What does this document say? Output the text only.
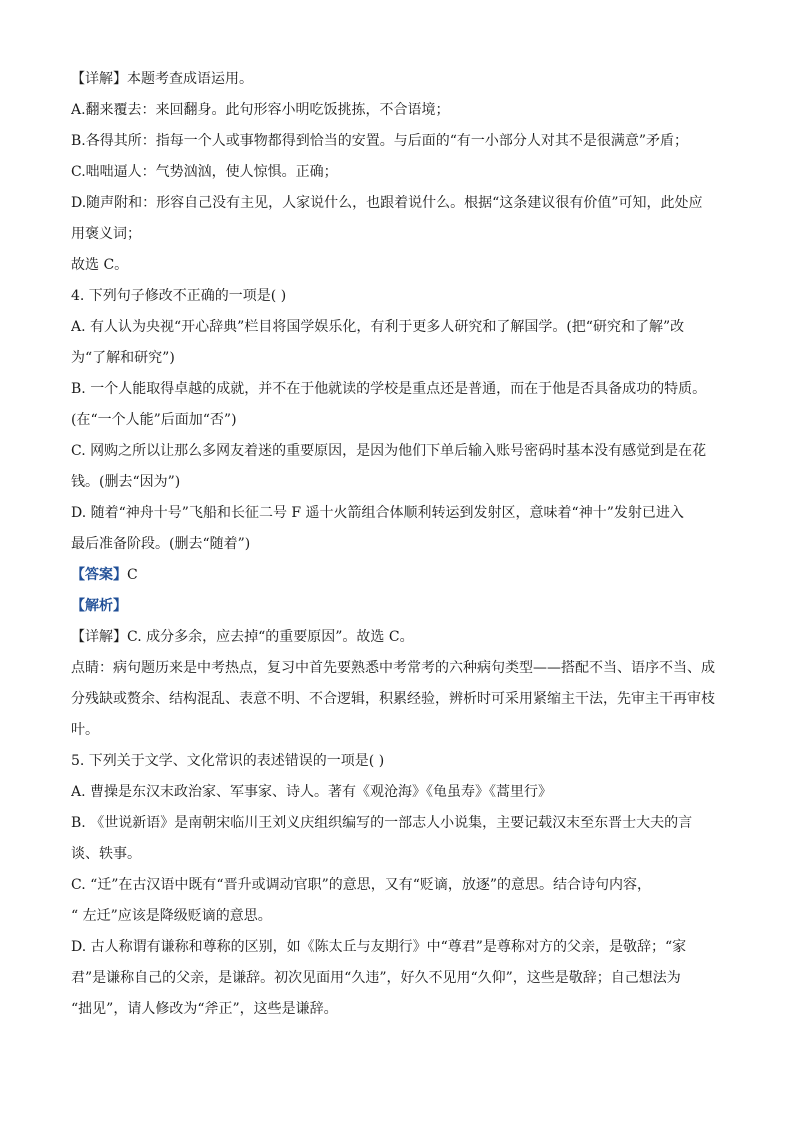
【详解】本题考查成语运用。
A.翻来覆去：来回翻身。此句形容小明吃饭挑拣，不合语境；
B.各得其所：指每一个人或事物都得到恰当的安置。与后面的“有一小部分人对其不是很满意”矛盾；
C.咄咄逼人：气势汹汹，使人惊惧。正确；
D.随声附和：形容自己没有主见，人家说什么，也跟着说什么。根据“这条建议很有价值”可知，此处应
用褒义词；
故选 C。
4. 下列句子修改不正确的一项是( )
A. 有人认为央视“开心辞典”栏目将国学娱乐化，有利于更多人研究和了解国学。(把“研究和了解”改
为“了解和研究”)
B. 一个人能取得卓越的成就，并不在于他就读的学校是重点还是普通，而在于他是否具备成功的特质。
(在“一个人能”后面加“否”)
C. 网购之所以让那么多网友着迷的重要原因，是因为他们下单后输入账号密码时基本没有感觉到是在花
钱。(删去“因为”)
D. 随着“神舟十号”飞船和长征二号 F 遥十火箭组合体顺利转运到发射区，意味着“神十”发射已进入
最后准备阶段。(删去“随着”)
【答案】C
【解析】
【详解】C. 成分多余，应去掉“的重要原因”。故选 C。
点睛：病句题历来是中考热点，复习中首先要熟悉中考常考的六种病句类型——搭配不当、语序不当、成
分残缺或赘余、结构混乱、表意不明、不合逻辑，积累经验，辨析时可采用紧缩主干法，先审主干再审枝
叶。
5. 下列关于文学、文化常识的表述错误的一项是( )
A. 曹操是东汉末政治家、军事家、诗人。著有《观沧海》《龟虽寿》《蒿里行》
B. 《世说新语》是南朝宋临川王刘义庆组织编写的一部志人小说集，主要记载汉末至东晋士大夫的言
谈、轶事。
C. “迁”在古汉语中既有“晋升或调动官职”的意思，又有“贬谪，放逐”的意思。结合诗句内容，
“ 左迁”应该是降级贬谪的意思。
D. 古人称谓有谦称和尊称的区别，如《陈太丘与友期行》中“尊君”是尊称对方的父亲，是敬辞；“家
君”是谦称自己的父亲，是谦辞。初次见面用“久违”，好久不见用“久仰”，这些是敬辞；自己想法为
“拙见”，请人修改为“斧正”，这些是谦辞。
